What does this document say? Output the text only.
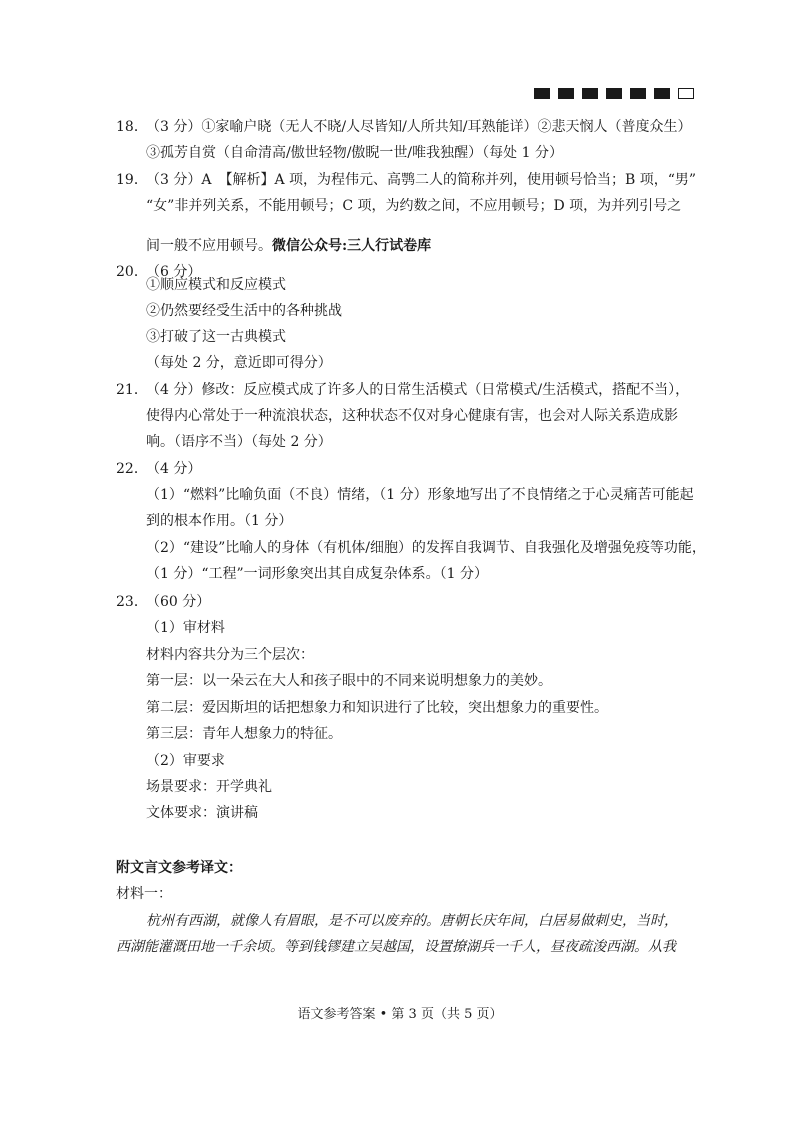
18．
（3 分）①家喻户晓（无人不晓/人尽皆知/人所共知/耳熟能详）②悲天悯人（普度众生）
③孤芳自赏（自命清高/傲世轻物/傲睨一世/唯我独醒）（每处 1 分）
19．
（3 分）A　【解析】A 项，为程伟元、高鹗二人的简称并列，使用顿号恰当；B 项，“男”
“女”非并列关系，不能用顿号；C 项，为约数之间，不应用顿号；D 项，为并列引号之
间一般不应用顿号。微信公众号:三人行试卷库
20．
（6 分）
①顺应模式和反应模式
②仍然要经受生活中的各种挑战
③打破了这一古典模式
（每处 2 分，意近即可得分）
21．
（4 分）修改：反应模式成了许多人的日常生活模式（日常模式/生活模式，搭配不当），
使得内心常处于一种流浪状态，这种状态不仅对身心健康有害，也会对人际关系造成影
响。（语序不当）（每处 2 分）
22．
（4 分）
（1）“燃料”比喻负面（不良）情绪，（1 分）形象地写出了不良情绪之于心灵痛苦可能起
到的根本作用。（1 分）
（2）“建设”比喻人的身体（有机体/细胞）的发挥自我调节、自我强化及增强免疫等功能，
（1 分）“工程”一词形象突出其自成复杂体系。（1 分）
23．
（60 分）
（1）审材料
材料内容共分为三个层次：
第一层：以一朵云在大人和孩子眼中的不同来说明想象力的美妙。
第二层：爱因斯坦的话把想象力和知识进行了比较，突出想象力的重要性。
第三层：青年人想象力的特征。
（2）审要求
场景要求：开学典礼
文体要求：演讲稿
附文言文参考译文：
材料一：
杭州有西湖，就像人有眉眼，是不可以废弃的。唐朝长庆年间，白居易做刺史，当时，
西湖能灌溉田地一千余顷。等到钱镠建立吴越国，设置撩湖兵一千人，昼夜疏浚西湖。从我
语文参考答案 • 第 3 页（共 5 页）
